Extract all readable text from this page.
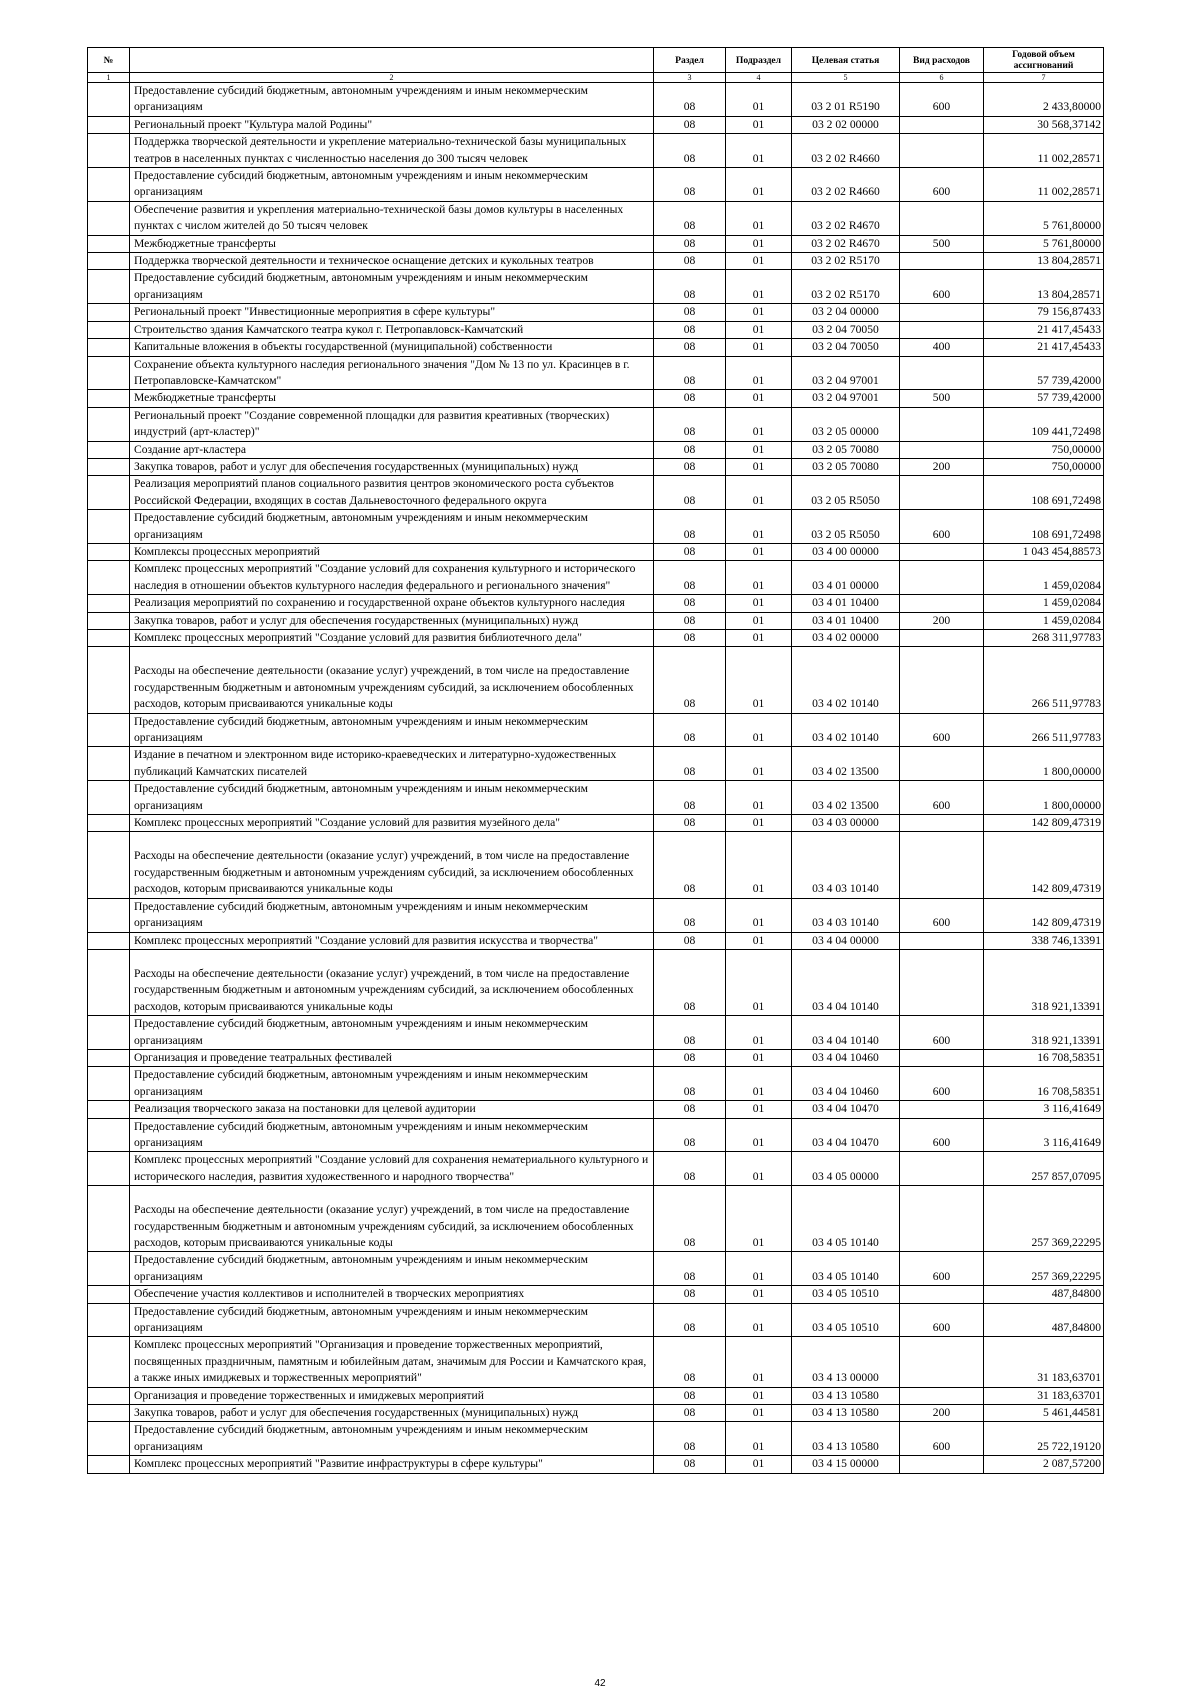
№		Раздел	Подраздел	Целевая статья	Вид расходов	Годовой объем ассигнований
1	2	3	4	5	6	7
	Предоставление субсидий бюджетным, автономным учреждениям и иным некоммерческим организациям	08	01	03 2 01 R5190	600	2 433,80000
	Региональный проект "Культура малой Родины"	08	01	03 2 02 00000		30 568,37142
	Поддержка творческой деятельности и укрепление материально-технической базы муниципальных театров в населенных пунктах с численностью населения до 300 тысяч человек	08	01	03 2 02 R4660		11 002,28571
	Предоставление субсидий бюджетным, автономным учреждениям и иным некоммерческим организациям	08	01	03 2 02 R4660	600	11 002,28571
	Обеспечение развития и укрепления материально-технической базы домов культуры в населенных пунктах с числом жителей до 50 тысяч человек	08	01	03 2 02 R4670		5 761,80000
	Межбюджетные трансферты	08	01	03 2 02 R4670	500	5 761,80000
	Поддержка творческой деятельности и техническое оснащение детских и кукольных театров	08	01	03 2 02 R5170		13 804,28571
	Предоставление субсидий бюджетным, автономным учреждениям и иным некоммерческим организациям	08	01	03 2 02 R5170	600	13 804,28571
	Региональный проект "Инвестиционные мероприятия в сфере культуры"	08	01	03 2 04 00000		79 156,87433
	Строительство здания Камчатского театра кукол г. Петропавловск-Камчатский	08	01	03 2 04 70050		21 417,45433
	Капитальные вложения в объекты государственной (муниципальной) собственности	08	01	03 2 04 70050	400	21 417,45433
	Сохранение объекта культурного наследия регионального значения "Дом № 13 по ул. Красинцев в г. Петропавловске-Камчатском"	08	01	03 2 04 97001		57 739,42000
	Межбюджетные трансферты	08	01	03 2 04 97001	500	57 739,42000
	Региональный проект "Создание современной площадки для развития креативных (творческих) индустрий (арт-кластер)"	08	01	03 2 05 00000		109 441,72498
	Создание арт-кластера	08	01	03 2 05 70080		750,00000
	Закупка товаров, работ и услуг для обеспечения государственных (муниципальных) нужд	08	01	03 2 05 70080	200	750,00000
	Реализация мероприятий планов социального развития центров экономического роста субъектов Российской Федерации, входящих в состав Дальневосточного федерального округа	08	01	03 2 05 R5050		108 691,72498
	Предоставление субсидий бюджетным, автономным учреждениям и иным некоммерческим организациям	08	01	03 2 05 R5050	600	108 691,72498
	Комплексы процессных мероприятий	08	01	03 4 00 00000		1 043 454,88573
	Комплекс процессных мероприятий "Создание условий для сохранения культурного и исторического наследия в отношении объектов культурного наследия федерального и регионального значения"	08	01	03 4 01 00000		1 459,02084
	Реализация мероприятий по сохранению и государственной охране объектов культурного наследия	08	01	03 4 01 10400		1 459,02084
	Закупка товаров, работ и услуг для обеспечения государственных (муниципальных) нужд	08	01	03 4 01 10400	200	1 459,02084
	Комплекс процессных мероприятий "Создание условий для развития библиотечного дела"	08	01	03 4 02 00000		268 311,97783
	Расходы на обеспечение деятельности (оказание услуг) учреждений, в том числе на предоставление государственным бюджетным и автономным учреждениям субсидий, за исключением обособленных расходов, которым присваиваются уникальные коды	08	01	03 4 02 10140		266 511,97783
	Предоставление субсидий бюджетным, автономным учреждениям и иным некоммерческим организациям	08	01	03 4 02 10140	600	266 511,97783
	Издание в печатном и электронном виде историко-краеведческих и литературно-художественных публикаций Камчатских писателей	08	01	03 4 02 13500		1 800,00000
	Предоставление субсидий бюджетным, автономным учреждениям и иным некоммерческим организациям	08	01	03 4 02 13500	600	1 800,00000
	Комплекс процессных мероприятий "Создание условий для развития музейного дела"	08	01	03 4 03 00000		142 809,47319
	Расходы на обеспечение деятельности (оказание услуг) учреждений, в том числе на предоставление государственным бюджетным и автономным учреждениям субсидий, за исключением обособленных расходов, которым присваиваются уникальные коды	08	01	03 4 03 10140		142 809,47319
	Предоставление субсидий бюджетным, автономным учреждениям и иным некоммерческим организациям	08	01	03 4 03 10140	600	142 809,47319
	Комплекс процессных мероприятий "Создание условий для развития искусства и творчества"	08	01	03 4 04 00000		338 746,13391
	Расходы на обеспечение деятельности (оказание услуг) учреждений, в том числе на предоставление государственным бюджетным и автономным учреждениям субсидий, за исключением обособленных расходов, которым присваиваются уникальные коды	08	01	03 4 04 10140		318 921,13391
	Предоставление субсидий бюджетным, автономным учреждениям и иным некоммерческим организациям	08	01	03 4 04 10140	600	318 921,13391
	Организация и проведение театральных фестивалей	08	01	03 4 04 10460		16 708,58351
	Предоставление субсидий бюджетным, автономным учреждениям и иным некоммерческим организациям	08	01	03 4 04 10460	600	16 708,58351
	Реализация творческого заказа на постановки для целевой аудитории	08	01	03 4 04 10470		3 116,41649
	Предоставление субсидий бюджетным, автономным учреждениям и иным некоммерческим организациям	08	01	03 4 04 10470	600	3 116,41649
	Комплекс процессных мероприятий "Создание условий для сохранения нематериального культурного и исторического наследия, развития художественного и народного творчества"	08	01	03 4 05 00000		257 857,07095
	Расходы на обеспечение деятельности (оказание услуг) учреждений, в том числе на предоставление государственным бюджетным и автономным учреждениям субсидий, за исключением обособленных расходов, которым присваиваются уникальные коды	08	01	03 4 05 10140		257 369,22295
	Предоставление субсидий бюджетным, автономным учреждениям и иным некоммерческим организациям	08	01	03 4 05 10140	600	257 369,22295
	Обеспечение участия коллективов и исполнителей в творческих мероприятиях	08	01	03 4 05 10510		487,84800
	Предоставление субсидий бюджетным, автономным учреждениям и иным некоммерческим организациям	08	01	03 4 05 10510	600	487,84800
	Комплекс процессных мероприятий "Организация и проведение торжественных мероприятий, посвященных праздничным, памятным и юбилейным датам, значимым для России и Камчатского края, а также иных имиджевых и торжественных мероприятий"	08	01	03 4 13 00000		31 183,63701
	Организация и проведение торжественных и имиджевых мероприятий	08	01	03 4 13 10580		31 183,63701
	Закупка товаров, работ и услуг для обеспечения государственных (муниципальных) нужд	08	01	03 4 13 10580	200	5 461,44581
	Предоставление субсидий бюджетным, автономным учреждениям и иным некоммерческим организациям	08	01	03 4 13 10580	600	25 722,19120
	Комплекс процессных мероприятий "Развитие инфраструктуры в сфере культуры"	08	01	03 4 15 00000		2 087,57200
42
